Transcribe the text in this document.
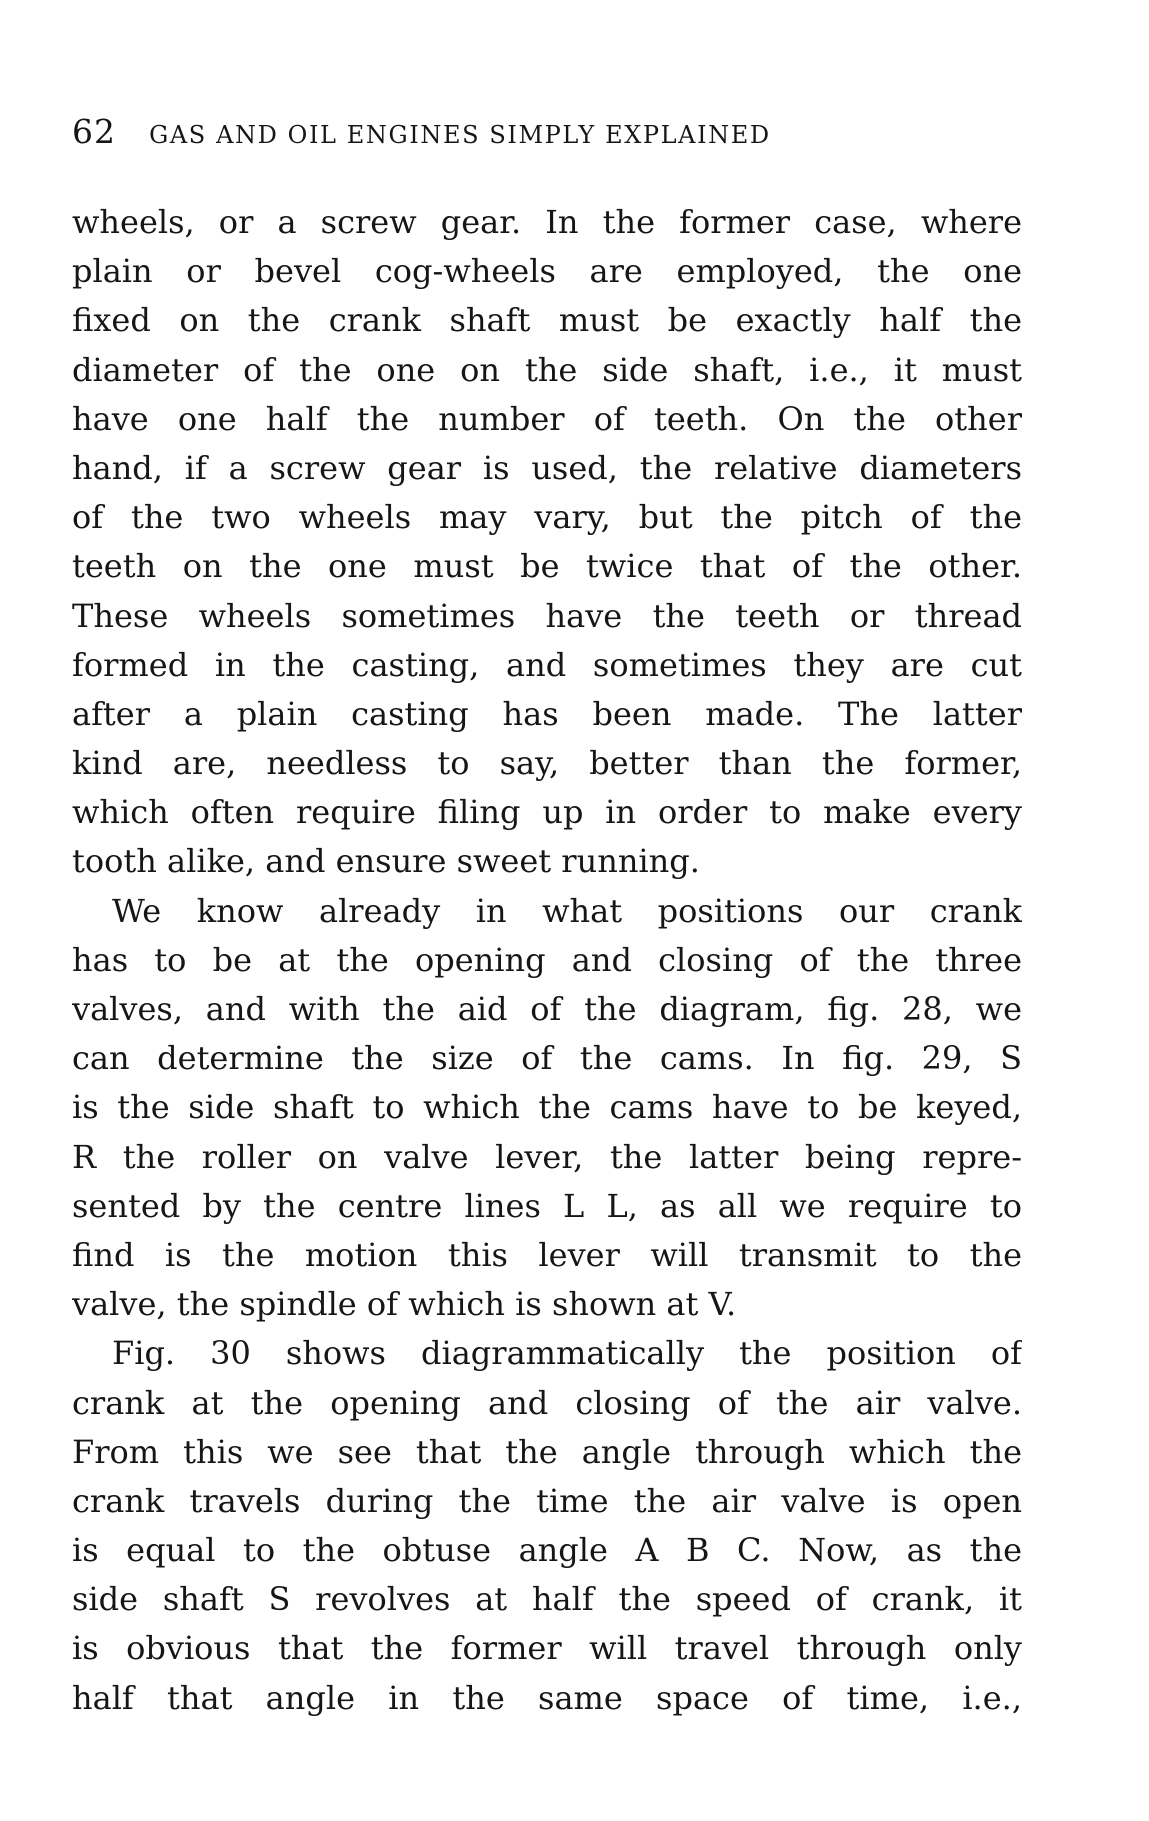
62 GAS AND OIL ENGINES SIMPLY EXPLAINED
wheels, or a screw gear. In the former case, where
plain or bevel cog-wheels are employed, the one
fixed on the crank shaft must be exactly half the
diameter of the one on the side shaft, i.e., it must
have one half the number of teeth. On the other
hand, if a screw gear is used, the relative diameters
of the two wheels may vary, but the pitch of the
teeth on the one must be twice that of the other.
These wheels sometimes have the teeth or thread
formed in the casting, and sometimes they are cut
after a plain casting has been made. The latter
kind are, needless to say, better than the former,
which often require filing up in order to make every
tooth alike, and ensure sweet running.
We know already in what positions our crank
has to be at the opening and closing of the three
valves, and with the aid of the diagram, fig. 28, we
can determine the size of the cams. In fig. 29, S
is the side shaft to which the cams have to be keyed,
R the roller on valve lever, the latter being repre-
sented by the centre lines L L, as all we require to
find is the motion this lever will transmit to the
valve, the spindle of which is shown at V.
Fig. 30 shows diagrammatically the position of
crank at the opening and closing of the air valve.
From this we see that the angle through which the
crank travels during the time the air valve is open
is equal to the obtuse angle A B C. Now, as the
side shaft S revolves at half the speed of crank, it
is obvious that the former will travel through only
half that angle in the same space of time, i.e.,
